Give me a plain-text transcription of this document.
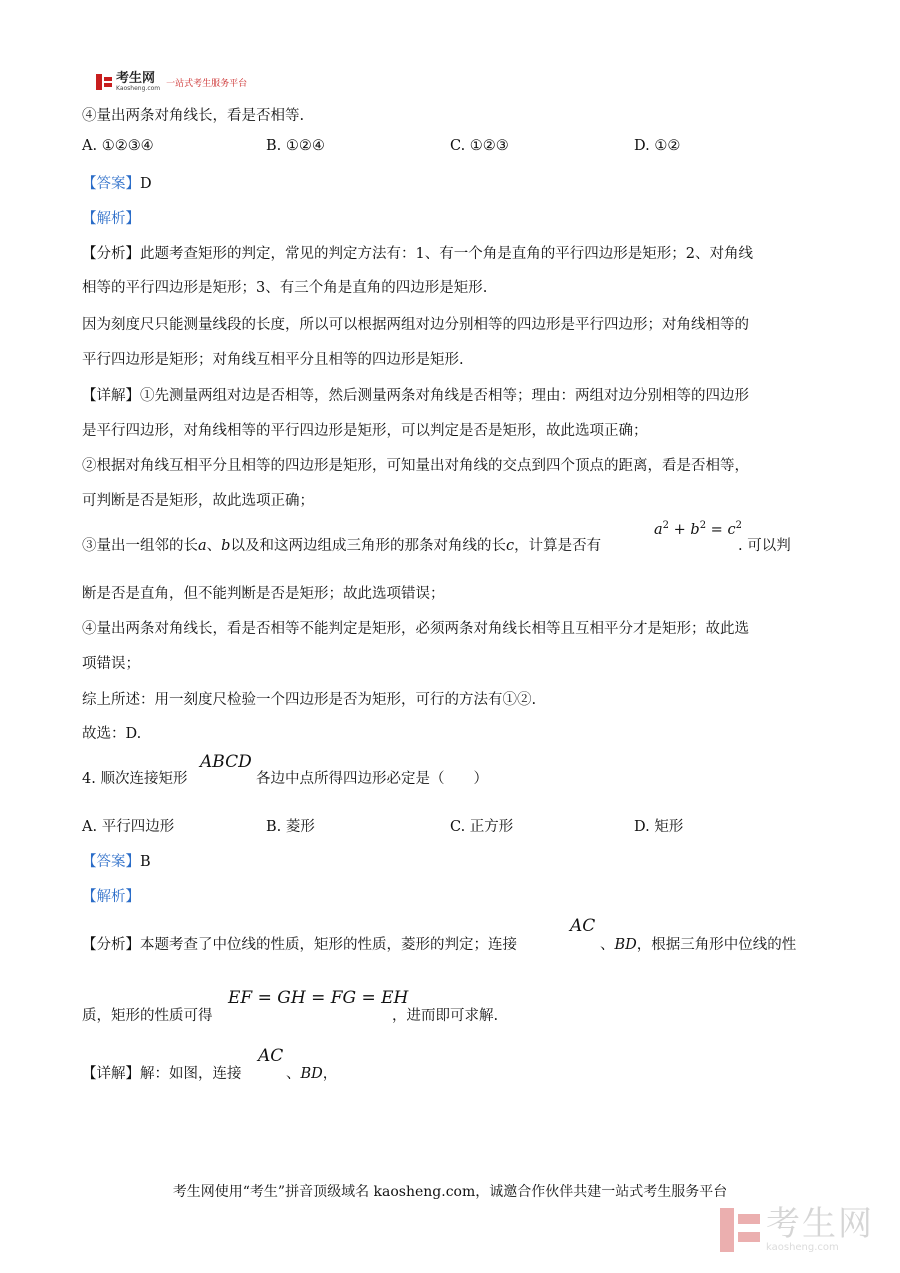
考生网
Kaosheng.com 一站式考生服务平台
④量出两条对角线长，看是否相等.
A. ①②③④	B. ①②④	C. ①②③	D. ①②
【答案】D
【解析】
【分析】此题考查矩形的判定，常见的判定方法有：1、有一个角是直角的平行四边形是矩形；2、对角线
相等的平行四边形是矩形；3、有三个角是直角的四边形是矩形.
因为刻度尺只能测量线段的长度，所以可以根据两组对边分别相等的四边形是平行四边形；对角线相等的
平行四边形是矩形；对角线互相平分且相等的四边形是矩形.
【详解】①先测量两组对边是否相等，然后测量两条对角线是否相等；理由：两组对边分别相等的四边形
是平行四边形，对角线相等的平行四边形是矩形，可以判定是否是矩形，故此选项正确；
②根据对角线互相平分且相等的四边形是矩形，可知量出对角线的交点到四个顶点的距离，看是否相等，
可判断是否是矩形，故此选项正确；
③量出一组邻的长a、b以及和这两边组成三角形的那条对角线的长c，计算是否有
$a^2 + b^2 = c^2$
. 可以判
断是否是直角，但不能判断是否是矩形；故此选项错误；
④量出两条对角线长，看是否相等不能判定是矩形，必须两条对角线长相等且互相平分才是矩形；故此选
项错误；
综上所述：用一刻度尺检验一个四边形是否为矩形，可行的方法有①②.
故选：D.
4. 顺次连接矩形
ABCD
各边中点所得四边形必定是（　　）
A. 平行四边形	B. 菱形	C. 正方形	D. 矩形
【答案】B
【解析】
【分析】本题考查了中位线的性质，矩形的性质，菱形的判定；连接
AC
、BD，根据三角形中位线的性
质，矩形的性质可得
EF = GH = FG = EH
，进而即可求解.
【详解】解：如图，连接
AC
、BD，
考生网使用“考生”拼音顶级域名 kaosheng.com，诚邀合作伙伴共建一站式考生服务平台
考生网
kaosheng.com
